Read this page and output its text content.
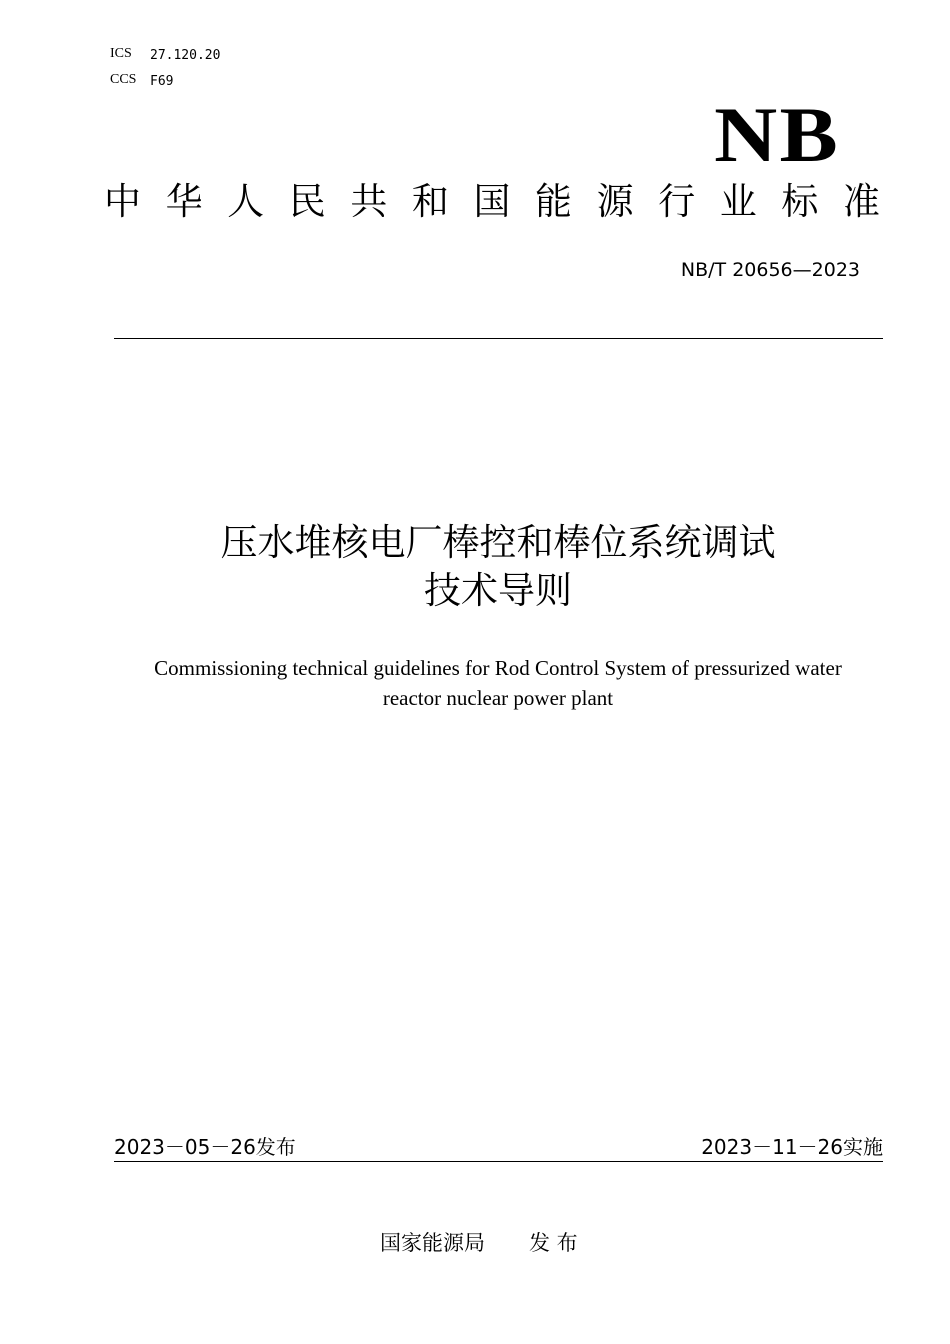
ICS 27.120.20
CCS F69
NB
中 华 人 民 共 和 国 能 源 行 业 标 准
NB/T 20656—2023
压水堆核电厂棒控和棒位系统调试
技术导则
Commissioning technical guidelines for Rod Control System of pressurized water
reactor nuclear power plant
2023－05－26发布	2023－11－26实施
国家能源局 发 布
